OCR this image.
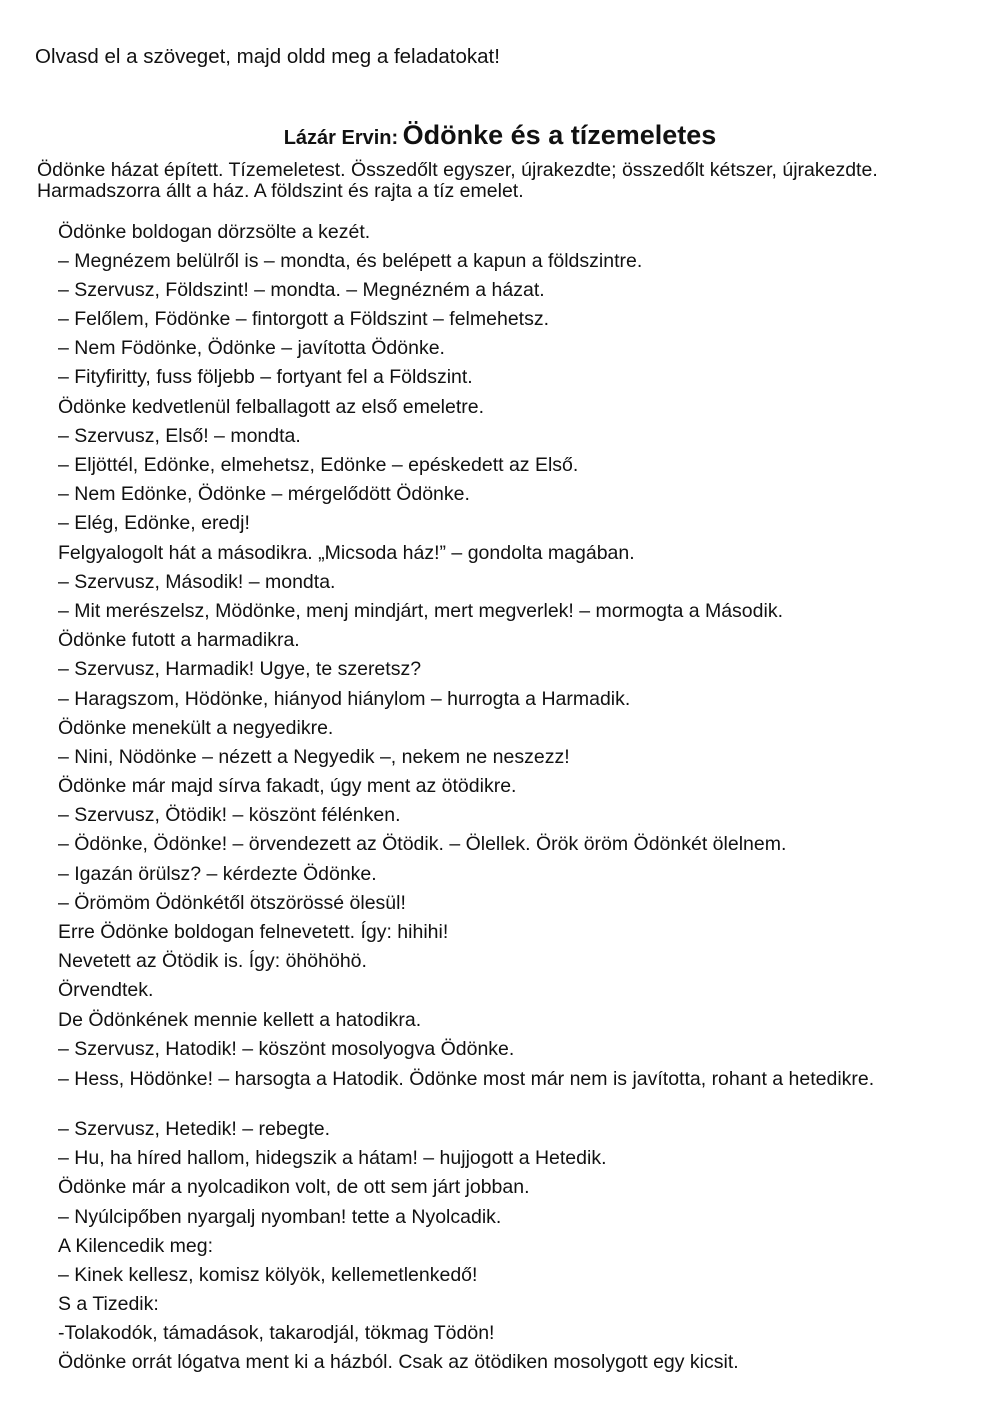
Olvasd el a szöveget, majd oldd meg a feladatokat!
Lázár Ervin: Ödönke és a tízemeletes

Ödönke házat épített. Tízemeletest. Összedőlt egyszer, újrakezdte; összedőlt kétszer, újrakezdte. Harmadszorra állt a ház. A földszint és rajta a tíz emelet.

Ödönke boldogan dörzsölte a kezét.

– Megnézem belülről is – mondta, és belépett a kapun a földszintre.

– Szervusz, Földszint! – mondta. – Megnézném a házat.

– Felőlem, Födönke – fintorgott a Földszint – felmehetsz.

– Nem Födönke, Ödönke – javította Ödönke.

– Fityfiritty, fuss följebb – fortyant fel a Földszint.

Ödönke kedvetlenül felballagott az első emeletre.

– Szervusz, Első! – mondta.

– Eljöttél, Edönke, elmehetsz, Edönke – epéskedett az Első.

– Nem Edönke, Ödönke – mérgelődött Ödönke.

– Elég, Edönke, eredj!

Felgyalogolt hát a másodikra. „Micsoda ház!” – gondolta magában.

– Szervusz, Második! – mondta.

– Mit merészelsz, Mödönke, menj mindjárt, mert megverlek! – mormogta a Második.

Ödönke futott a harmadikra.

– Szervusz, Harmadik! Ugye, te szeretsz?

– Haragszom, Hödönke, hiányod hiánylom – hurrogta a Harmadik.

Ödönke menekült a negyedikre.

– Nini, Nödönke – nézett a Negyedik –, nekem ne neszezz!

Ödönke már majd sírva fakadt, úgy ment az ötödikre.

– Szervusz, Ötödik! – köszönt félénken.

– Ödönke, Ödönke! – örvendezett az Ötödik. – Ölellek. Örök öröm Ödönkét ölelnem.

– Igazán örülsz? – kérdezte Ödönke.

– Örömöm Ödönkétől ötszörössé ölesül!

Erre Ödönke boldogan felnevetett. Így: hihihi!

Nevetett az Ötödik is. Így: öhöhöhö.

Örvendtek.

De Ödönkének mennie kellett a hatodikra.

– Szervusz, Hatodik! – köszönt mosolyogva Ödönke.

– Hess, Hödönke! – harsogta a Hatodik. Ödönke most már nem is javította, rohant a hetedikre.

– Szervusz, Hetedik! – rebegte.

– Hu, ha híred hallom, hidegszik a hátam! – hujjogott a Hetedik.

Ödönke már a nyolcadikon volt, de ott sem járt jobban.

– Nyúlcipőben nyargalj nyomban! tette a Nyolcadik.

A Kilencedik meg:

– Kinek kellesz, komisz kölyök, kellemetlenkedő!

S a Tizedik:

-Tolakodók, támadások, takarodjál, tökmag Tödön!

Ödönke orrát lógatva ment ki a házból. Csak az ötödiken mosolygott egy kicsit.
